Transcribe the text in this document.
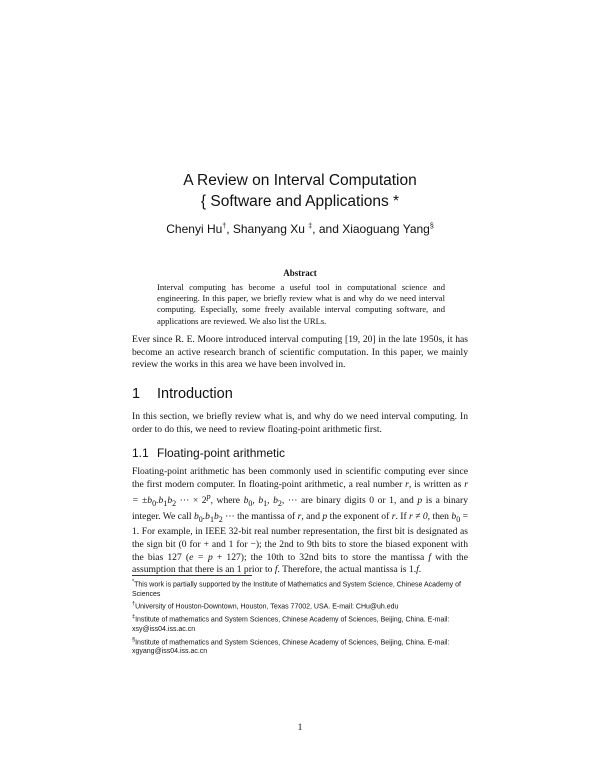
A Review on Interval Computation
{ Software and Applications *
Chenyi Hu†, Shanyang Xu ‡, and Xiaoguang Yang§
Abstract
Interval computing has become a useful tool in computational science and engineering. In this paper, we briefly review what is and why do we need interval computing. Especially, some freely available interval computing software, and applications are reviewed. We also list the URLs.
Ever since R. E. Moore introduced interval computing [19, 20] in the late 1950s, it has become an active research branch of scientific computation. In this paper, we mainly review the works in this area we have been involved in.
1 Introduction
In this section, we briefly review what is, and why do we need interval computing. In order to do this, we need to review floating-point arithmetic first.
1.1 Floating-point arithmetic
Floating-point arithmetic has been commonly used in scientific computing ever since the first modern computer. In floating-point arithmetic, a real number r, is written as $r = \pm b_0.b_1b_2$ ··· × $2^p$, where $b_0$, $b_1$, $b_2$, ··· are binary digits 0 or 1, and p is a binary integer. We call $b_0.b_1b_2$ ··· the mantissa of r, and p the exponent of r. If r ≠ 0, then $b_0 = 1$. For example, in IEEE 32-bit real number representation, the first bit is designated as the sign bit (0 for + and 1 for −); the 2nd to 9th bits to store the biased exponent with the bias 127 (e = p + 127); the 10th to 32nd bits to store the mantissa f with the assumption that there is an 1 prior to f. Therefore, the actual mantissa is 1.f.
*This work is partially supported by the Institute of Mathematics and System Science, Chinese Academy of Sciences
†University of Houston-Downtown, Houston, Texas 77002, USA. E-mail: CHu@uh.edu
‡Institute of mathematics and System Sciences, Chinese Academy of Sciences, Beijing, China. E-mail: xsy@iss04.iss.ac.cn
§Institute of mathematics and System Sciences, Chinese Academy of Sciences, Beijing, China. E-mail: xgyang@iss04.iss.ac.cn
1
